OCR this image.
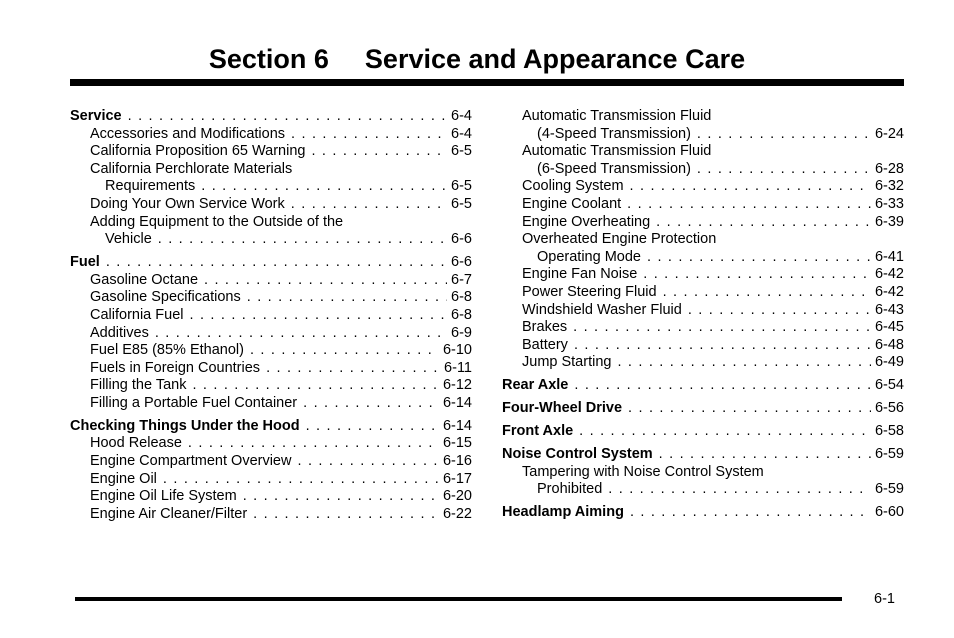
Section 6 Service and Appearance Care
Service . . .	6-4
Accessories and Modifications . . .	6-4
California Proposition 65 Warning . . .	6-5
California Perchlorate Materials
Requirements . . .	6-5
Doing Your Own Service Work . . .	6-5
Adding Equipment to the Outside of the
Vehicle . . .	6-6
Fuel . . .	6-6
Gasoline Octane . . .	6-7
Gasoline Specifications . . .	6-8
California Fuel . . .	6-8
Additives . . .	6-9
Fuel E85 (85% Ethanol) . . .	6-10
Fuels in Foreign Countries . . .	6-11
Filling the Tank . . .	6-12
Filling a Portable Fuel Container . . .	6-14
Checking Things Under the Hood . . .	6-14
Hood Release . . .	6-15
Engine Compartment Overview . . .	6-16
Engine Oil . . .	6-17
Engine Oil Life System . . .	6-20
Engine Air Cleaner/Filter . . .	6-22
Automatic Transmission Fluid
(4-Speed Transmission) . . .	6-24
Automatic Transmission Fluid
(6-Speed Transmission) . . .	6-28
Cooling System . . .	6-32
Engine Coolant . . .	6-33
Engine Overheating . . .	6-39
Overheated Engine Protection
Operating Mode . . .	6-41
Engine Fan Noise . . .	6-42
Power Steering Fluid . . .	6-42
Windshield Washer Fluid . . .	6-43
Brakes . . .	6-45
Battery . . .	6-48
Jump Starting . . .	6-49
Rear Axle . . .	6-54
Four-Wheel Drive . . .	6-56
Front Axle . . .	6-58
Noise Control System . . .	6-59
Tampering with Noise Control System
Prohibited . . .	6-59
Headlamp Aiming . . .	6-60
6-1
